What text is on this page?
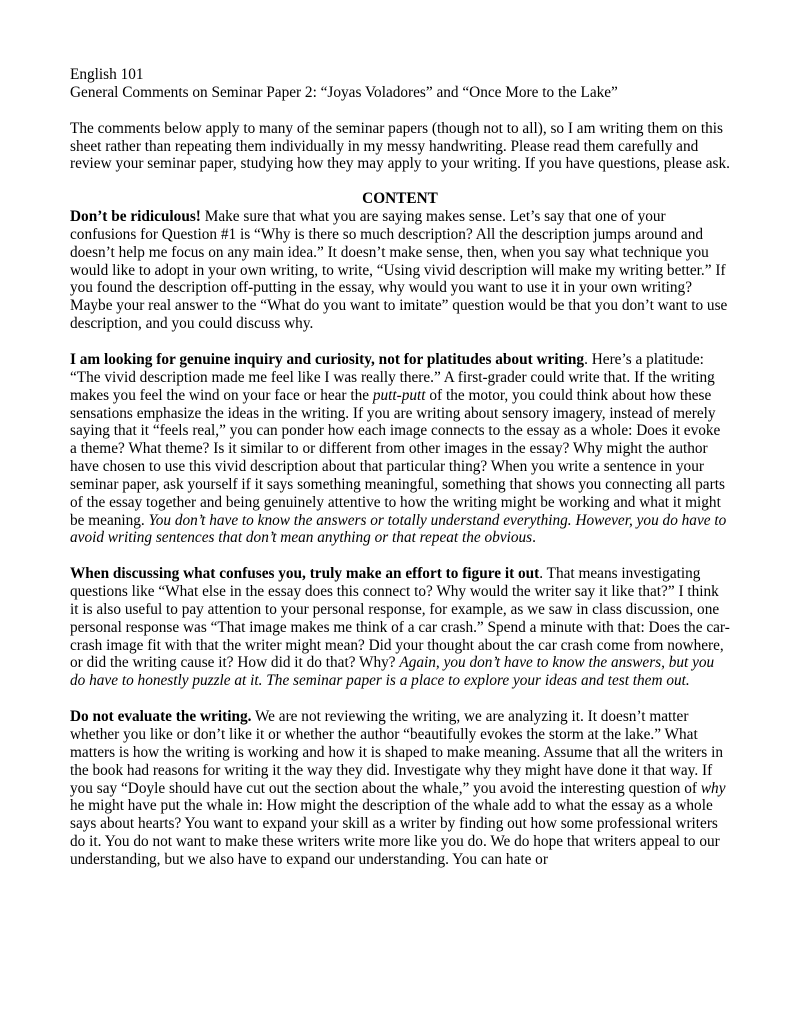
English 101

General Comments on Seminar Paper 2: “Joyas Voladores” and “Once More to the Lake”

The comments below apply to many of the seminar papers (though not to all), so I am writing them on this sheet rather than repeating them individually in my messy handwriting. Please read them carefully and review your seminar paper, studying how they may apply to your writing. If you have questions, please ask.

CONTENT

Don’t be ridiculous! Make sure that what you are saying makes sense. Let’s say that one of your confusions for Question #1 is “Why is there so much description? All the description jumps around and doesn’t help me focus on any main idea.” It doesn’t make sense, then, when you say what technique you would like to adopt in your own writing, to write, “Using vivid description will make my writing better.” If you found the description off-putting in the essay, why would you want to use it in your own writing? Maybe your real answer to the “What do you want to imitate” question would be that you don’t want to use description, and you could discuss why.

I am looking for genuine inquiry and curiosity, not for platitudes about writing. Here’s a platitude: “The vivid description made me feel like I was really there.” A first-grader could write that. If the writing makes you feel the wind on your face or hear the putt-putt of the motor, you could think about how these sensations emphasize the ideas in the writing. If you are writing about sensory imagery, instead of merely saying that it “feels real,” you can ponder how each image connects to the essay as a whole: Does it evoke a theme? What theme? Is it similar to or different from other images in the essay? Why might the author have chosen to use this vivid description about that particular thing? When you write a sentence in your seminar paper, ask yourself if it says something meaningful, something that shows you connecting all parts of the essay together and being genuinely attentive to how the writing might be working and what it might be meaning. You don’t have to know the answers or totally understand everything. However, you do have to avoid writing sentences that don’t mean anything or that repeat the obvious.

When discussing what confuses you, truly make an effort to figure it out. That means investigating questions like “What else in the essay does this connect to? Why would the writer say it like that?” I think it is also useful to pay attention to your personal response, for example, as we saw in class discussion, one personal response was “That image makes me think of a car crash.” Spend a minute with that: Does the car-crash image fit with that the writer might mean? Did your thought about the car crash come from nowhere, or did the writing cause it? How did it do that? Why? Again, you don’t have to know the answers, but you do have to honestly puzzle at it. The seminar paper is a place to explore your ideas and test them out.

Do not evaluate the writing. We are not reviewing the writing, we are analyzing it. It doesn’t matter whether you like or don’t like it or whether the author “beautifully evokes the storm at the lake.” What matters is how the writing is working and how it is shaped to make meaning. Assume that all the writers in the book had reasons for writing it the way they did. Investigate why they might have done it that way. If you say “Doyle should have cut out the section about the whale,” you avoid the interesting question of why he might have put the whale in: How might the description of the whale add to what the essay as a whole says about hearts? You want to expand your skill as a writer by finding out how some professional writers do it. You do not want to make these writers write more like you do. We do hope that writers appeal to our understanding, but we also have to expand our understanding. You can hate or
